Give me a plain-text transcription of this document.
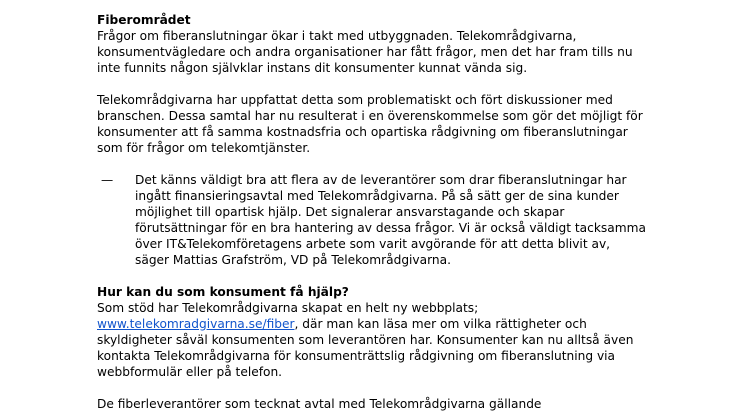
Fiberområdet

Frågor om fiberanslutningar ökar i takt med utbyggnaden. Telekområdgivarna, konsumentvägledare och andra organisationer har fått frågor, men det har fram tills nu inte funnits någon självklar instans dit konsumenter kunnat vända sig.

Telekområdgivarna har uppfattat detta som problematiskt och fört diskussioner med branschen. Dessa samtal har nu resulterat i en överenskommelse som gör det möjligt för konsumenter att få samma kostnadsfria och opartiska rådgivning om fiberanslutningar som för frågor om telekomtjänster.

— Det känns väldigt bra att flera av de leverantörer som drar fiberanslutningar har ingått finansieringsavtal med Telekområdgivarna. På så sätt ger de sina kunder möjlighet till opartisk hjälp. Det signalerar ansvarstagande och skapar förutsättningar för en bra hantering av dessa frågor. Vi är också väldigt tacksamma över IT&Telekomföretagens arbete som varit avgörande för att detta blivit av, säger Mattias Grafström, VD på Telekområdgivarna.

Hur kan du som konsument få hjälp?

Som stöd har Telekområdgivarna skapat en helt ny webbplats; www.telekomradgivarna.se/fiber, där man kan läsa mer om vilka rättigheter och skyldigheter såväl konsumenten som leverantören har. Konsumenter kan nu alltså även kontakta Telekområdgivarna för konsumenträttslig rådgivning om fiberanslutning via webbformulär eller på telefon.

De fiberleverantörer som tecknat avtal med Telekområdgivarna gällande
